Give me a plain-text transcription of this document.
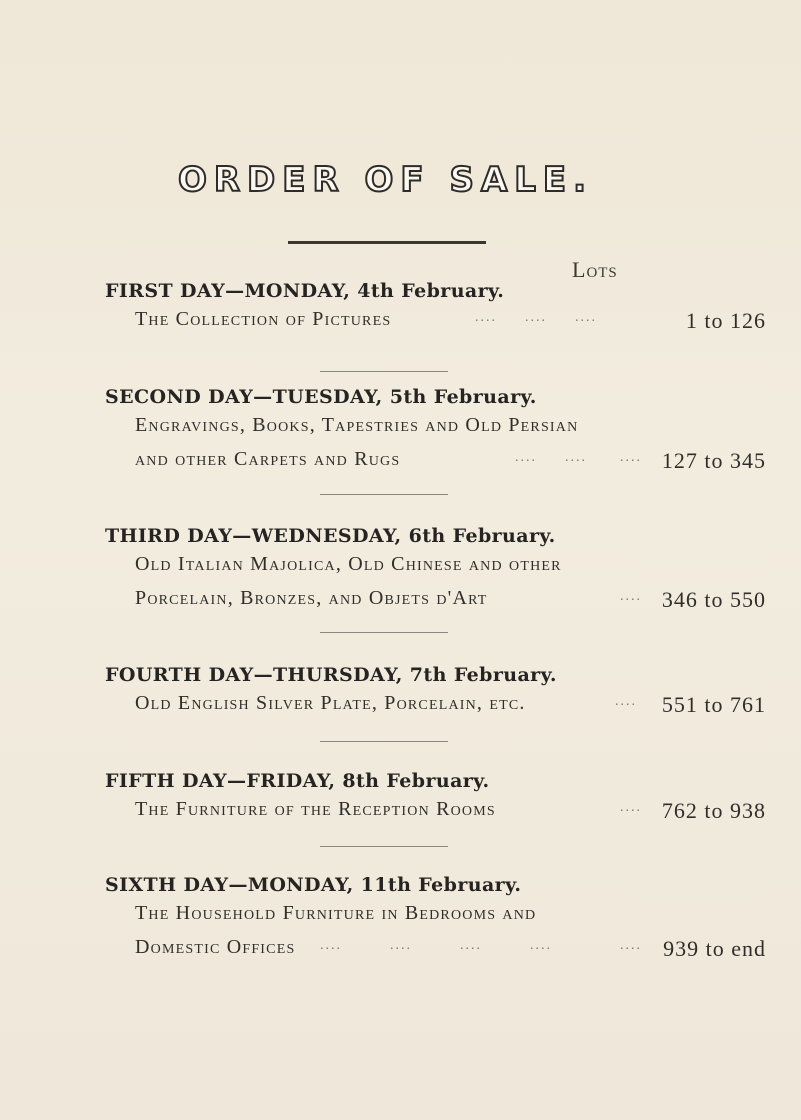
ORDER OF SALE.
Lots
FIRST DAY—MONDAY, 4th February.
The Collection of Pictures	.... .... ....	1 to 126
SECOND DAY—TUESDAY, 5th February.
Engravings, Books, Tapestries and Old Persian
and other Carpets and Rugs	.... .... .... 127 to 345
THIRD DAY—WEDNESDAY, 6th February.
Old Italian Majolica, Old Chinese and other
Porcelain, Bronzes, and Objets d'Art	.... 346 to 550
FOURTH DAY—THURSDAY, 7th February.
Old English Silver Plate, Porcelain, etc.	.... 551 to 761
FIFTH DAY—FRIDAY, 8th February.
The Furniture of the Reception Rooms	.... 762 to 938
SIXTH DAY—MONDAY, 11th February.
The Household Furniture in Bedrooms and
Domestic Offices ....	....	....	....	.... 939 to end
